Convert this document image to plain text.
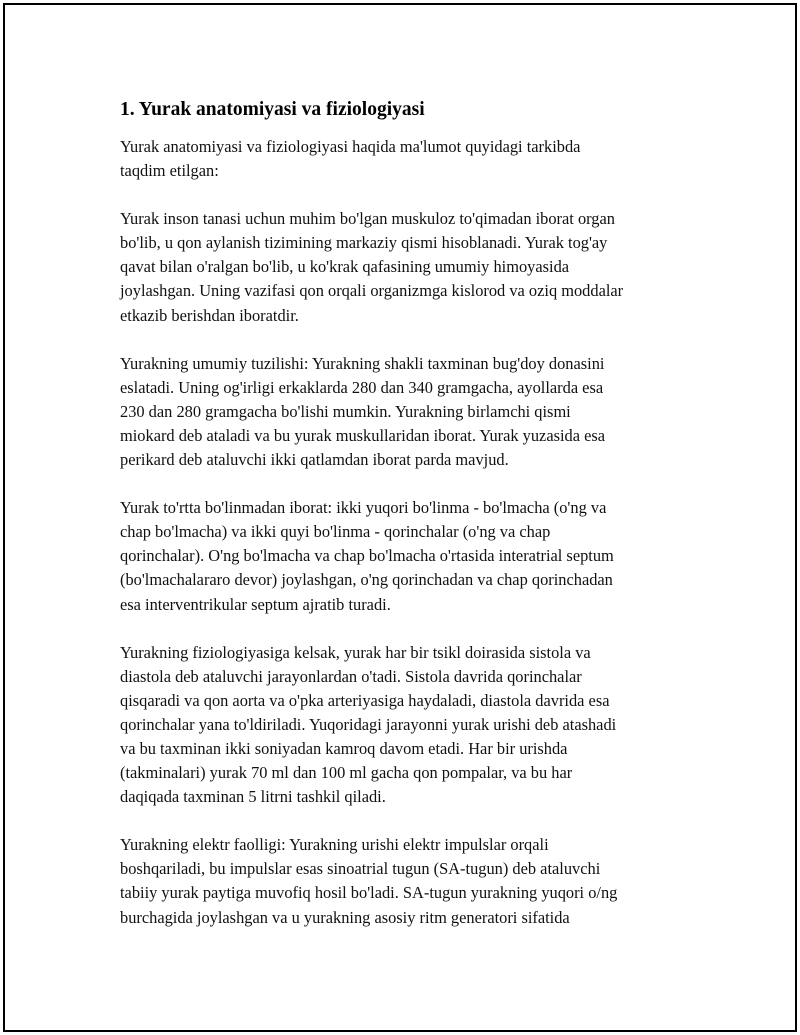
1. Yurak anatomiyasi va fiziologiyasi

Yurak anatomiyasi va fiziologiyasi haqida ma'lumot quyidagi tarkibda
taqdim etilgan:

Yurak inson tanasi uchun muhim bo'lgan muskuloz to'qimadan iborat organ
bo'lib, u qon aylanish tizimining markaziy qismi hisoblanadi. Yurak tog'ay
qavat bilan o'ralgan bo'lib, u ko'krak qafasining umumiy himoyasida
joylashgan. Uning vazifasi qon orqali organizmga kislorod va oziq moddalar
etkazib berishdan iboratdir.

Yurakning umumiy tuzilishi: Yurakning shakli taxminan bug'doy donasini
eslatadi. Uning og'irligi erkaklarda 280 dan 340 gramgacha, ayollarda esa
230 dan 280 gramgacha bo'lishi mumkin. Yurakning birlamchi qismi
miokard deb ataladi va bu yurak muskullaridan iborat. Yurak yuzasida esa
perikard deb ataluvchi ikki qatlamdan iborat parda mavjud.

Yurak to'rtta bo'linmadan iborat: ikki yuqori bo'linma - bo'lmacha (o'ng va
chap bo'lmacha) va ikki quyi bo'linma - qorinchalar (o'ng va chap
qorinchalar). O'ng bo'lmacha va chap bo'lmacha o'rtasida interatrial septum
(bo'lmachalararo devor) joylashgan, o'ng qorinchadan va chap qorinchadan
esa interventrikular septum ajratib turadi.

Yurakning fiziologiyasiga kelsak, yurak har bir tsikl doirasida sistola va
diastola deb ataluvchi jarayonlardan o'tadi. Sistola davrida qorinchalar
qisqaradi va qon aorta va o'pka arteriyasiga haydaladi, diastola davrida esa
qorinchalar yana to'ldiriladi. Yuqoridagi jarayonni yurak urishi deb atashadi
va bu taxminan ikki soniyadan kamroq davom etadi. Har bir urishda
(takminalari) yurak 70 ml dan 100 ml gacha qon pompalar, va bu har
daqiqada taxminan 5 litrni tashkil qiladi.

Yurakning elektr faolligi: Yurakning urishi elektr impulslar orqali
boshqariladi, bu impulslar esas sinoatrial tugun (SA-tugun) deb ataluvchi
tabiiy yurak paytiga muvofiq hosil bo'ladi. SA-tugun yurakning yuqori o/ng
burchagida joylashgan va u yurakning asosiy ritm generatori sifatida
